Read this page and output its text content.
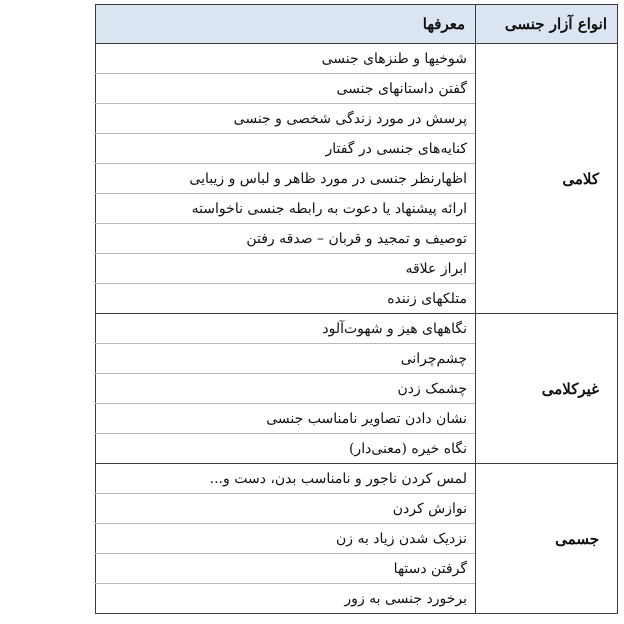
انواع آزار جنسی	معرفها
کلامی	شوخیها و طنزهای جنسی
	گفتن داستانهای جنسی
	پرسش در مورد زندگی شخصی و جنسی
	کنایه‌های جنسی در گفتار
	اظهارنظر جنسی در مورد ظاهر و لباس و زیبایی
	ارائه پیشنهاد یا دعوت به رابطه جنسی ناخواسته
	توصیف و تمجید و قربان – صدقه رفتن
	ابراز علاقه
	متلکهای زننده
غیرکلامی	نگاههای هیز و شهوت‌آلود
	چشم‌چرانی
	چشمک زدن
	نشان دادن تصاویر نامناسب جنسی
	نگاه خیره (معنی‌دار)
جسمی	لمس کردن ناجور و نامناسب بدن، دست و...
	نوازش کردن
	نزدیک شدن زیاد به زن
	گرفتن دستها
	برخورد جنسی به زور
